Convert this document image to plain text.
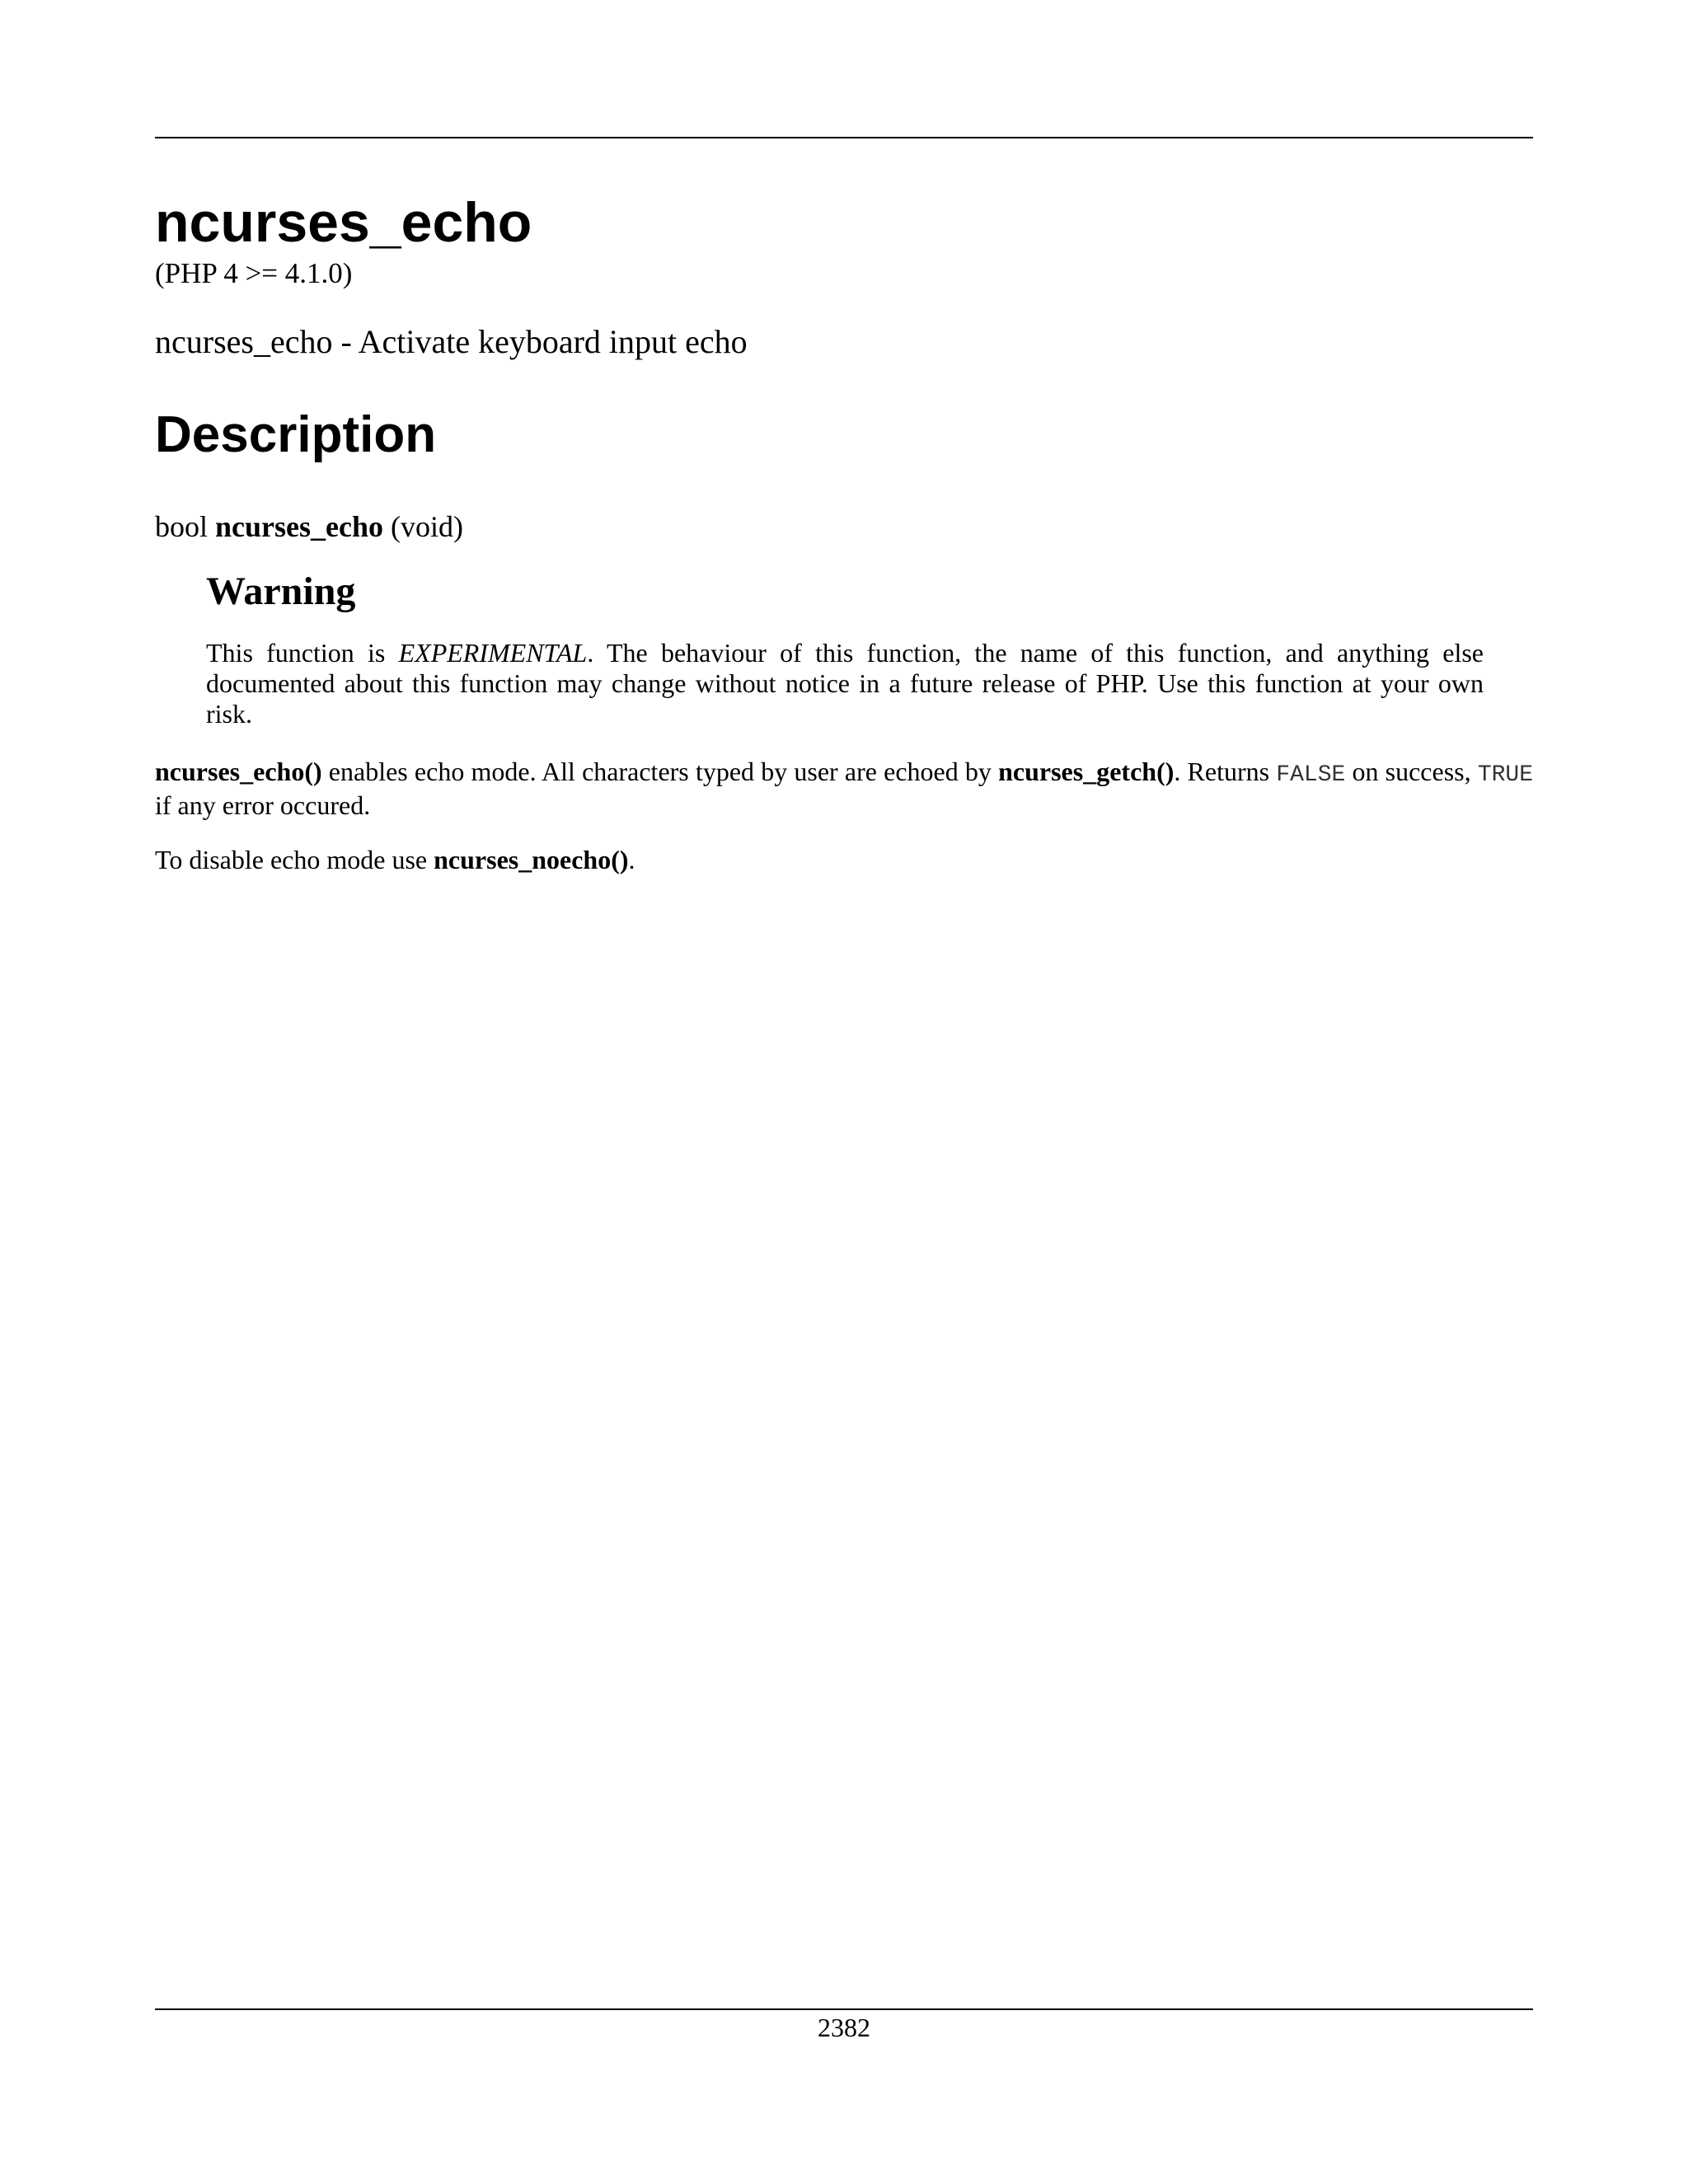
ncurses_echo
(PHP 4 >= 4.1.0)
ncurses_echo - Activate keyboard input echo
Description
bool ncurses_echo (void)
Warning

This function is EXPERIMENTAL. The behaviour of this function, the name of this function, and anything else documented about this function may change without notice in a future release of PHP. Use this function at your own risk.

ncurses_echo() enables echo mode. All characters typed by user are echoed by ncurses_getch(). Returns FALSE on success, TRUE if any error occured.

To disable echo mode use ncurses_noecho().

2382
